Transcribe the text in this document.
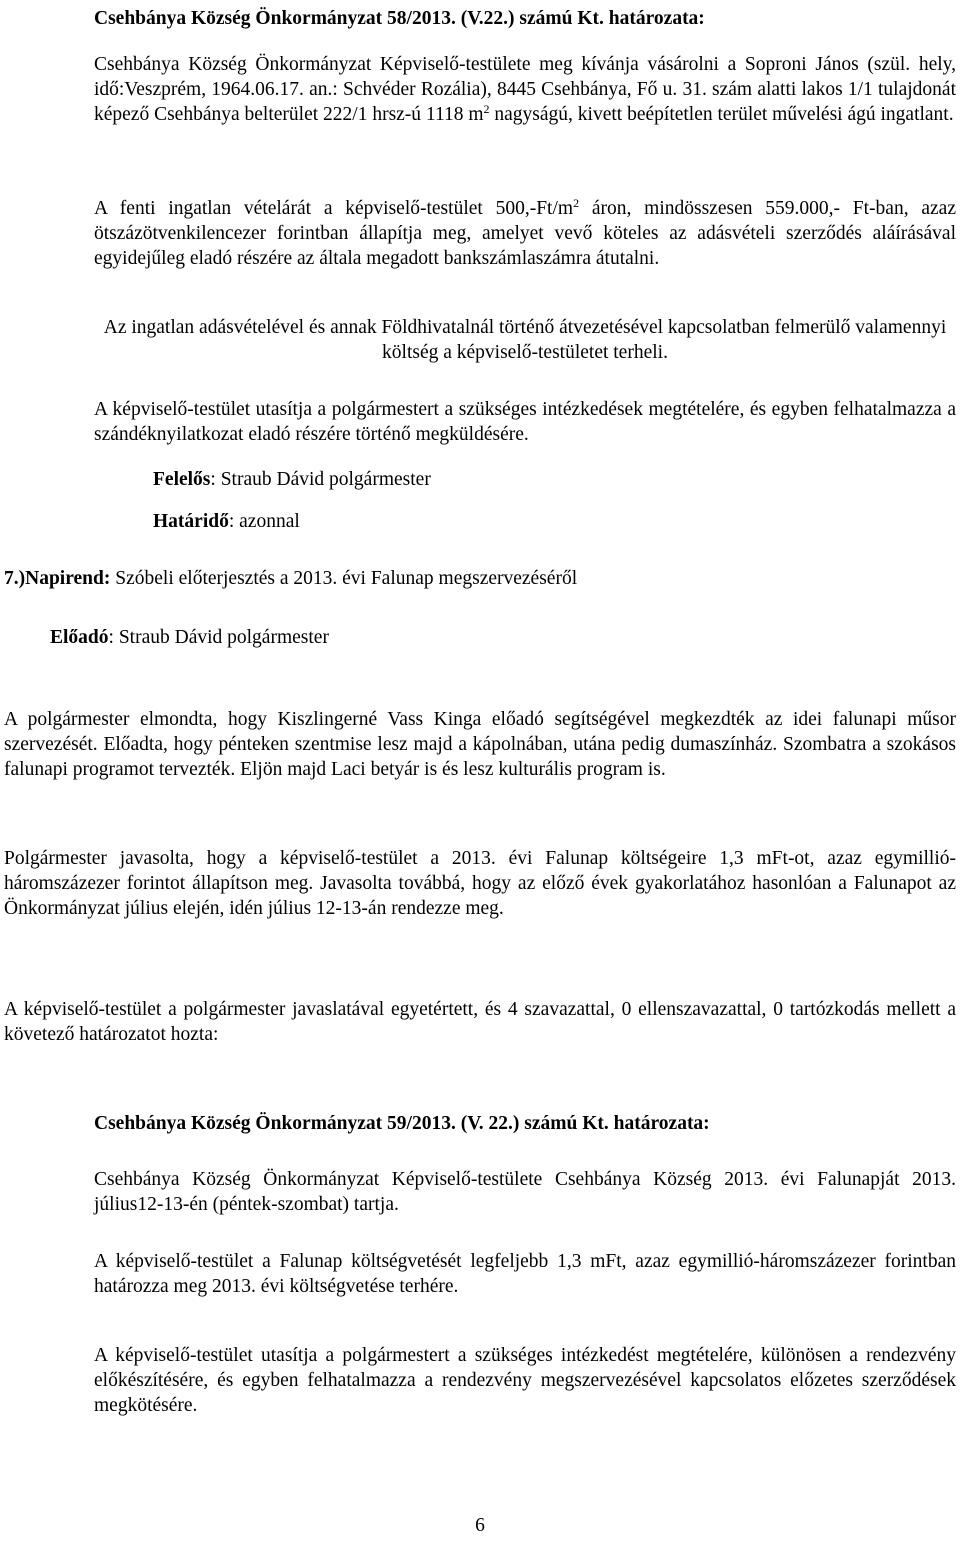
Csehbánya Község Önkormányzat 58/2013. (V.22.) számú Kt. határozata:

Csehbánya Község Önkormányzat Képviselő-testülete meg kívánja vásárolni a Soproni János (szül. hely, idő:Veszprém, 1964.06.17. an.: Schvéder Rozália), 8445 Csehbánya, Fő u. 31. szám alatti lakos 1/1 tulajdonát képező Csehbánya belterület 222/1 hrsz-ú 1118 $m^2$ nagyságú, kivett beépítetlen terület művelési ágú ingatlant.

A fenti ingatlan vételárát a képviselő-testület $500,-Ft/m^2$ áron, mindösszesen 559.000,- Ft-ban, azaz ötszázötvenkilencezer forintban állapítja meg, amelyet vevő köteles az adásvételi szerződés aláírásával egyidejűleg eladó részére az általa megadott bankszámlaszámra átutalni.

Az ingatlan adásvételével és annak Földhivatalnál történő átvezetésével kapcsolatban felmerülő valamennyi költség a képviselő-testületet terheli.

A képviselő-testület utasítja a polgármestert a szükséges intézkedések megtételére, és egyben felhatalmazza a szándéknyilatkozat eladó részére történő megküldésére.

Felelős: Straub Dávid polgármester

Határidő: azonnal

7.)Napirend: Szóbeli előterjesztés a 2013. évi Falunap megszervezéséről

Előadó: Straub Dávid polgármester

A polgármester elmondta, hogy Kiszlingerné Vass Kinga előadó segítségével megkezdték az idei falunapi műsor szervezését. Előadta, hogy pénteken szentmise lesz majd a kápolnában, utána pedig dumaszínház. Szombatra a szokásos falunapi programot tervezték. Eljön majd Laci betyár is és lesz kulturális program is.

Polgármester javasolta, hogy a képviselő-testület a 2013. évi Falunap költségeire 1,3 mFt-ot, azaz egymillió-háromszázezer forintot állapítson meg. Javasolta továbbá, hogy az előző évek gyakorlatához hasonlóan a Falunapot az Önkormányzat július elején, idén július 12-13-án rendezze meg.

A képviselő-testület a polgármester javaslatával egyetértett, és 4 szavazattal, 0 ellenszavazattal, 0 tartózkodás mellett a követező határozatot hozta:

Csehbánya Község Önkormányzat 59/2013. (V. 22.) számú Kt. határozata:

Csehbánya Község Önkormányzat Képviselő-testülete Csehbánya Község 2013. évi Falunapját 2013. július12-13-én (péntek-szombat) tartja.

A képviselő-testület a Falunap költségvetését legfeljebb 1,3 mFt, azaz egymillió-háromszázezer forintban határozza meg 2013. évi költségvetése terhére.

A képviselő-testület utasítja a polgármestert a szükséges intézkedést megtételére, különösen a rendezvény előkészítésére, és egyben felhatalmazza a rendezvény megszervezésével kapcsolatos előzetes szerződések megkötésére.

6
